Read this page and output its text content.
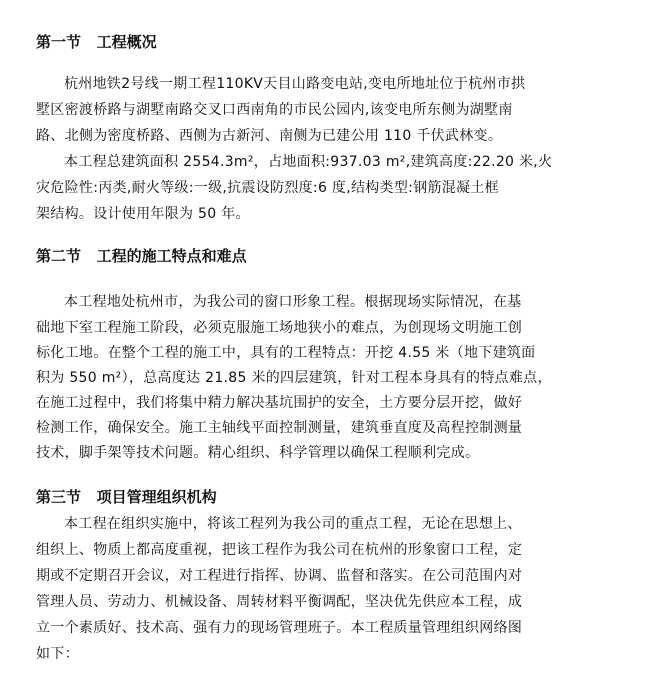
第一节   工程概况
杭州地铁2号线一期工程110KV天目山路变电站,变电所地址位于杭州市拱
墅区密渡桥路与湖墅南路交叉口西南角的市民公园内,该变电所东侧为湖墅南
路、北侧为密度桥路、西侧为古新河、南侧为已建公用 110 千伏武林变。
本工程总建筑面积 2554.3m²，占地面积:937.03 m²,建筑高度:22.20 米,火
灾危险性:丙类,耐火等级:一级,抗震设防烈度:6 度,结构类型:钢筋混凝土框
架结构。设计使用年限为 50 年。
第二节   工程的施工特点和难点
本工程地处杭州市，为我公司的窗口形象工程。根据现场实际情况，在基
础地下室工程施工阶段，必须克服施工场地狭小的难点，为创现场文明施工创
标化工地。在整个工程的施工中，具有的工程特点：开挖 4.55 米（地下建筑面
积为 550 m²），总高度达 21.85 米的四层建筑，针对工程本身具有的特点难点，
在施工过程中，我们将集中精力解决基坑围护的安全，土方要分层开挖，做好
检测工作，确保安全。施工主轴线平面控制测量，建筑垂直度及高程控制测量
技术，脚手架等技术问题。精心组织、科学管理以确保工程顺利完成。
第三节   项目管理组织机构
本工程在组织实施中，将该工程列为我公司的重点工程，无论在思想上、
组织上、物质上都高度重视，把该工程作为我公司在杭州的形象窗口工程，定
期或不定期召开会议，对工程进行指挥、协调、监督和落实。在公司范围内对
管理人员、劳动力、机械设备、周转材料平衡调配，坚决优先供应本工程，成
立一个素质好、技术高、强有力的现场管理班子。本工程质量管理组织网络图
如下：
